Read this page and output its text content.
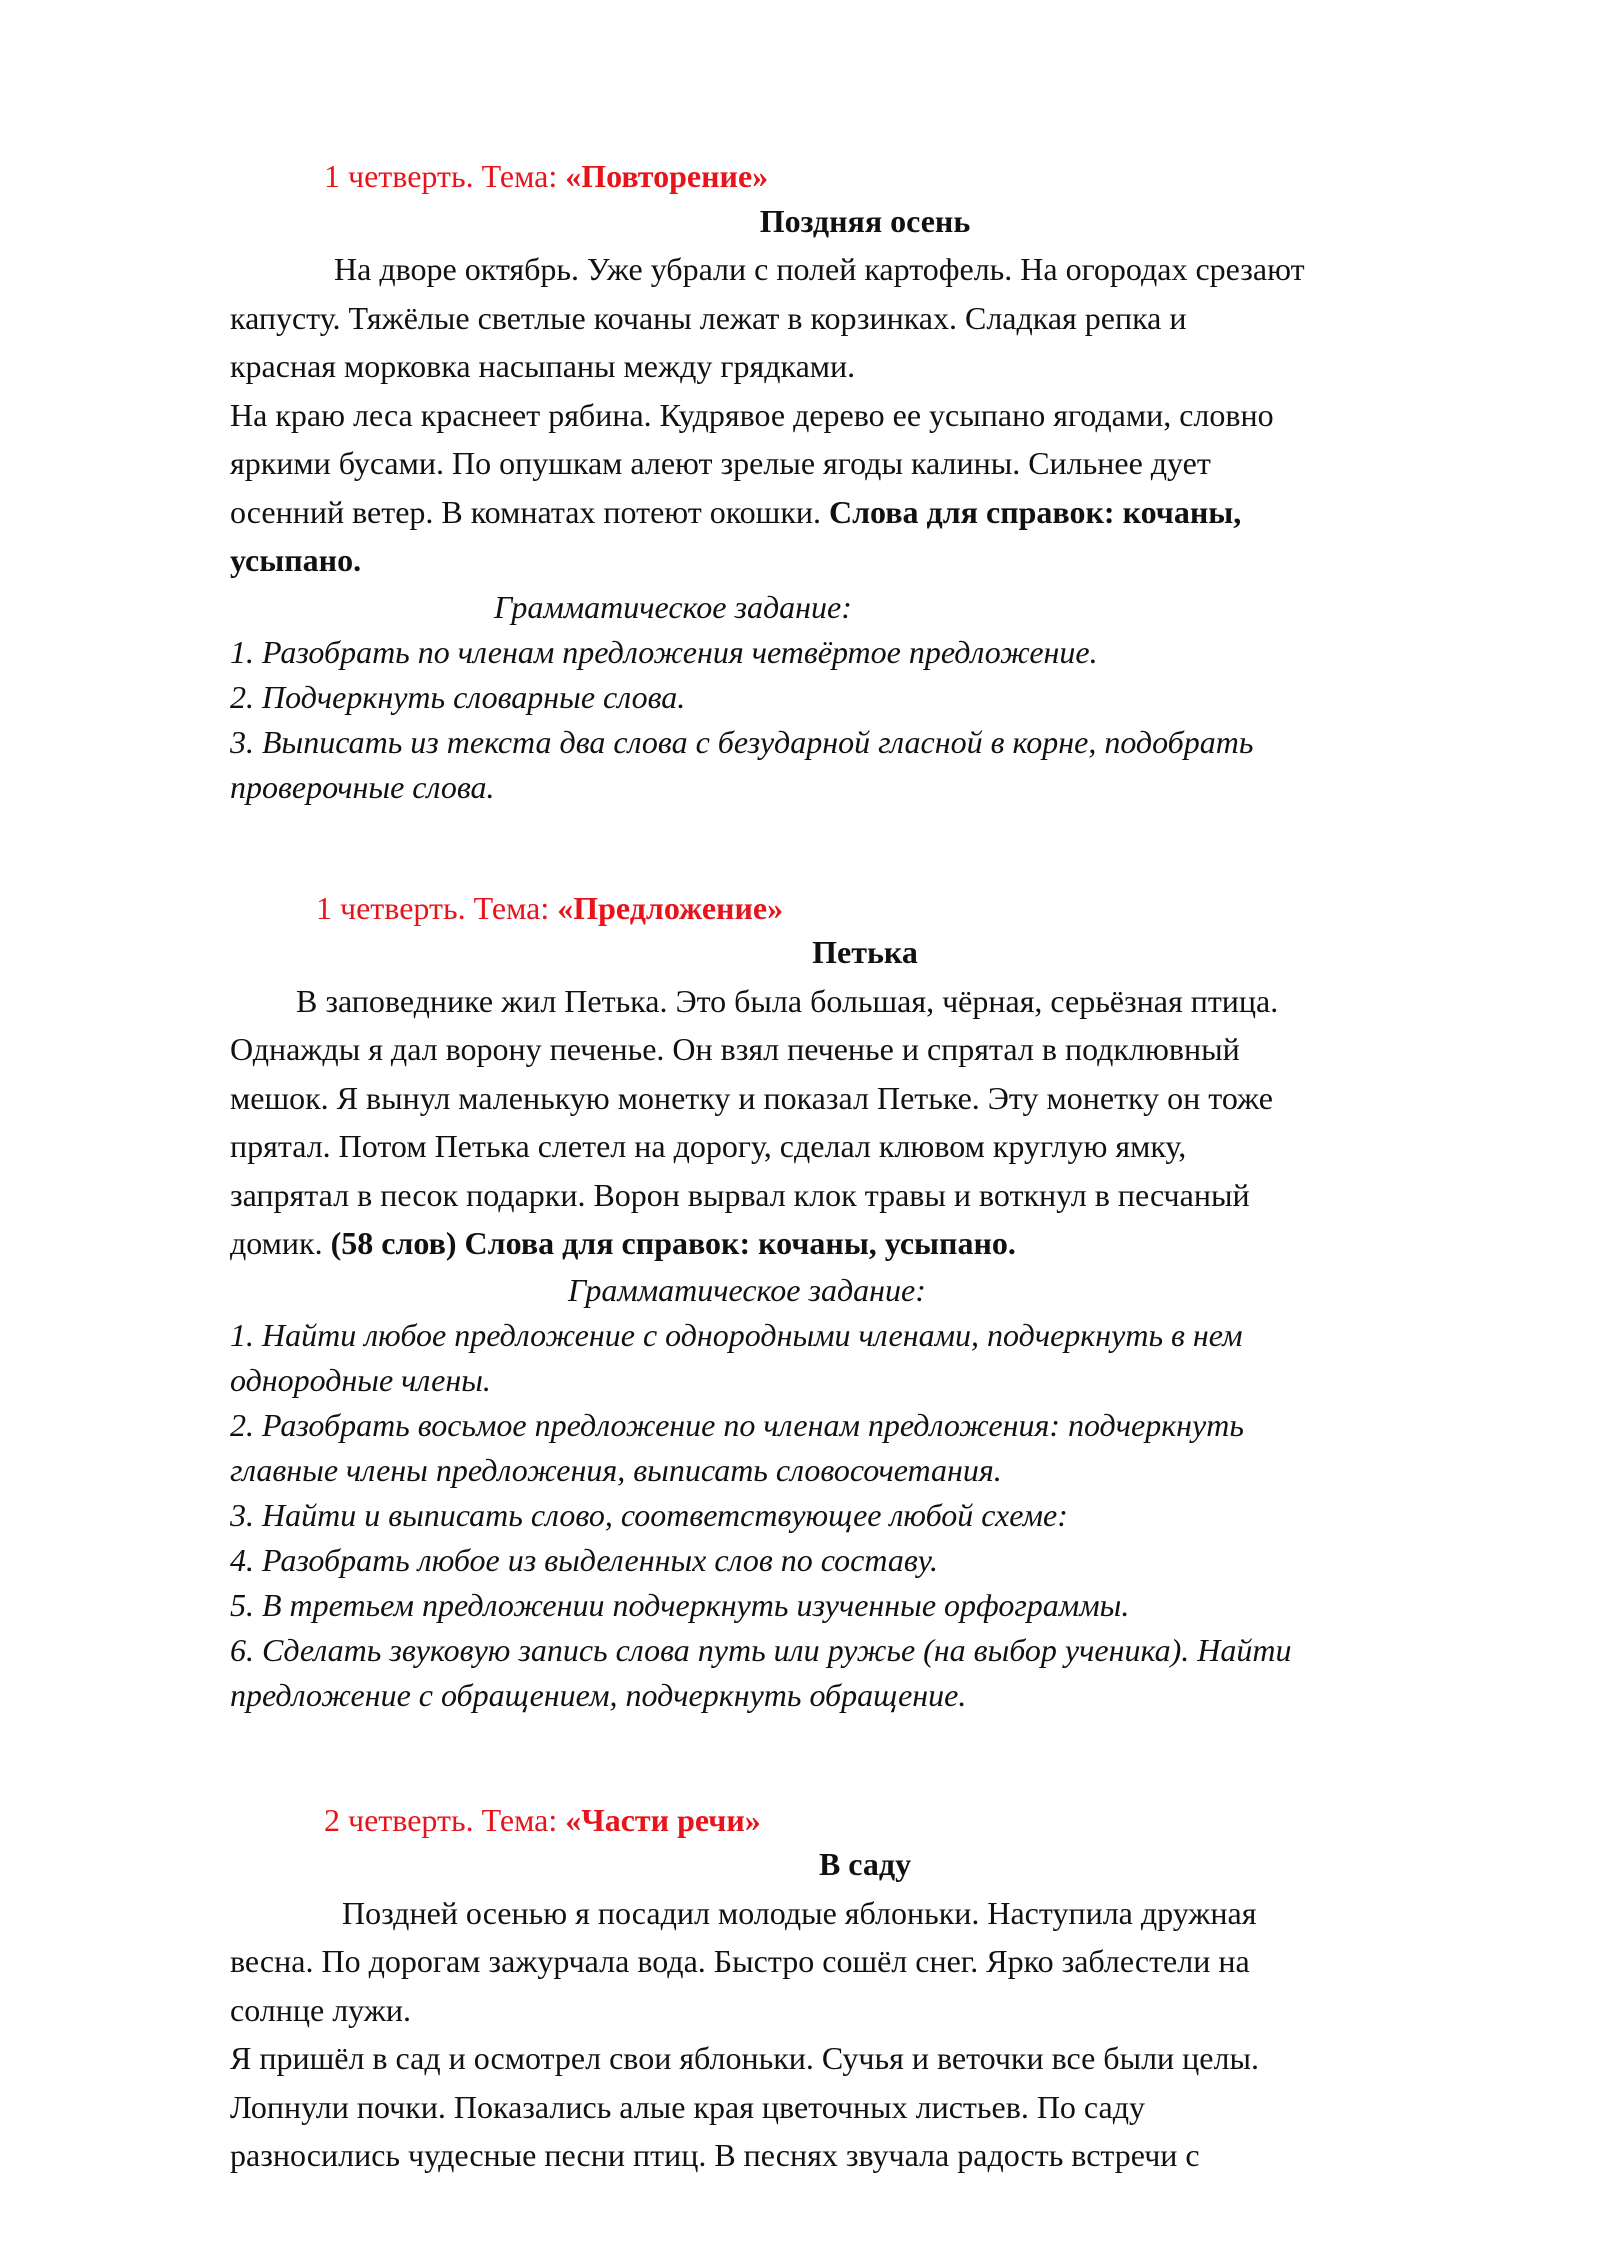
1 четверть. Тема: «Повторение»
Поздняя осень
На дворе октябрь. Уже убрали с полей картофель. На огородах срезают
капусту. Тяжёлые светлые кочаны лежат в корзинках. Сладкая репка и
красная морковка насыпаны между грядками.
На краю леса краснеет рябина. Кудрявое дерево ее усыпано ягодами, словно
яркими бусами. По опушкам алеют зрелые ягоды калины. Сильнее дует
осенний ветер. В комнатах потеют окошки. Слова для справок: кочаны,
усыпано.
Грамматическое задание:
1. Разобрать по членам предложения четвёртое предложение.
2. Подчеркнуть словарные слова.
3. Выписать из текста два слова с безударной гласной в корне, подобрать
проверочные слова.
1 четверть. Тема: «Предложение»
Петька
В заповеднике жил Петька. Это была большая, чёрная, серьёзная птица.
Однажды я дал ворону печенье. Он взял печенье и спрятал в подклювный
мешок. Я вынул маленькую монетку и показал Петьке. Эту монетку он тоже
прятал. Потом Петька слетел на дорогу, сделал клювом круглую ямку,
запрятал в песок подарки. Ворон вырвал клок травы и воткнул в песчаный
домик. (58 слов) Слова для справок: кочаны, усыпано.
Грамматическое задание:
1. Найти любое предложение с однородными членами, подчеркнуть в нем
однородные члены.
2. Разобрать восьмое предложение по членам предложения: подчеркнуть
главные члены предложения, выписать словосочетания.
3. Найти и выписать слово, соответствующее любой схеме:
4. Разобрать любое из выделенных слов по составу.
5. В третьем предложении подчеркнуть изученные орфограммы.
6. Сделать звуковую запись слова путь или ружье (на выбор ученика). Найти
предложение с обращением, подчеркнуть обращение.
2 четверть. Тема: «Части речи»
В саду
Поздней осенью я посадил молодые яблоньки. Наступила дружная
весна. По дорогам зажурчала вода. Быстро сошёл снег. Ярко заблестели на
солнце лужи.
Я пришёл в сад и осмотрел свои яблоньки. Сучья и веточки все были целы.
Лопнули почки. Показались алые края цветочных листьев. По саду
разносились чудесные песни птиц. В песнях звучала радость встречи с
